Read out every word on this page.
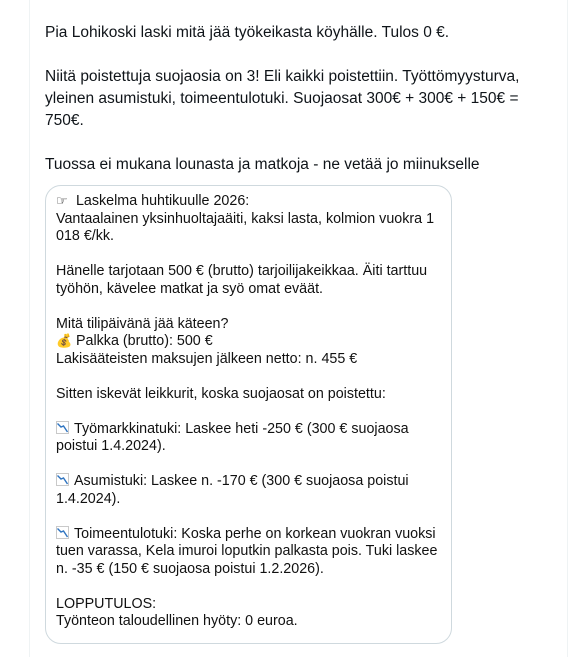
Pia Lohikoski laski mitä jää työkeikasta köyhälle. Tulos 0 €.

Niitä poistettuja suojaosia on 3! Eli kaikki poistettiin. Työttömyysturva, yleinen asumistuki, toimeentulotuki. Suojaosat 300€ + 300€ + 150€ = 750€.

Tuossa ei mukana lounasta ja matkoja - ne vetää jo miinukselle

☞ Laskelma huhtikuulle 2026:
Vantaalainen yksinhuoltajaäiti, kaksi lasta, kolmion vuokra 1 018 €/kk.
Hänelle tarjotaan 500 € (brutto) tarjoilijakeikkaa. Äiti tarttuu työhön, kävelee matkat ja syö omat eväät.
Mitä tilipäivänä jää käteen?
💰 Palkka (brutto): 500 €
Lakisääteisten maksujen jälkeen netto: n. 455 €
Sitten iskevät leikkurit, koska suojaosat on poistettu:
Työmarkkinatuki: Laskee heti -250 € (300 € suojaosa poistui 1.4.2024).
Asumistuki: Laskee n. -170 € (300 € suojaosa poistui 1.4.2024).
Toimeentulotuki: Koska perhe on korkean vuokran vuoksi tuen varassa, Kela imuroi loputkin palkasta pois. Tuki laskee n. -35 € (150 € suojaosa poistui 1.2.2026).
LOPPUTULOS:
Työnteon taloudellinen hyöty: 0 euroa.
